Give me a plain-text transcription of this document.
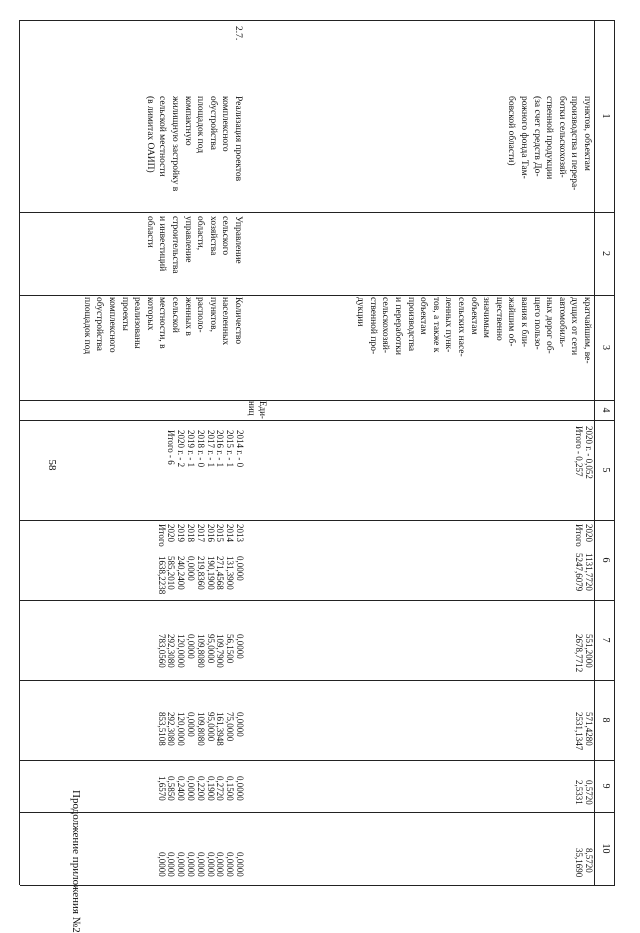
58
Продолжение приложения №2
1
2
3
4
5
6
7
8
9
10
пунктов, объектам
производства и перера-
ботки сельскохозяй-
ственной продукции
(за счет средств До-
рожного фонда Там-
бовской области)
кратчайшим, ве-
дущих от сети
автомобиль-
ных дорог об-
щего пользо-
вания к бли-
жайшим об-
щественно
значимым
объектам
сельских насе-
ленных пунк-
тов, а также к
объектам
производства
и переработки
сельскохозяй-
ственной про-
дукции
2020 г. - 0,052
Итого - 0,257
2020
Итого
1131,7720
5247,6079
551,2000
2678,7712
571,4280
2531,1347
0,5720
2,5331
8,5720
35,1690
2.7.
Реализация проектов
комплексного
обустройства
площадок под
компактную
жилищную застройку в
сельской местности
(в лимитах ОАИП)
Управление
сельского
хозяйства
области,
управление
строительства
и инвестиций
области
Количество
населенных
пунктов,
располо-
женных в
сельской
местности, в
которых
реализованы
проекты
комплексного
обустройства
площадок под
Еди-
ниц
2014 г. - 0
2015 г. - 1
2016 г. - 1
2017 г. - 1
2018 г. - 0
2019 г. - 1
2020 г. - 2
Итого - 6
2013
2014
2015
2016
2017
2018
2019
2020
Итого
0,0000
131,3900
271,4568
190,1900
219,8360
0,0000
240,2400
585,2010
1638,2238
0,0000
56,1500
109,7900
95,0000
109,8080
0,0000
120,0000
292,3080
783,0560
0,0000
75,0000
161,3948
95,0000
109,8080
0,0000
120,0000
292,3080
853,5108
0,0000
0,1500
0,2720
0,1900
0,2200
0,0000
0,2400
0,5850
1,6570
0,0000
0,0000
0,0000
0,0000
0,0000
0,0000
0,0000
0,0000
0,0000
